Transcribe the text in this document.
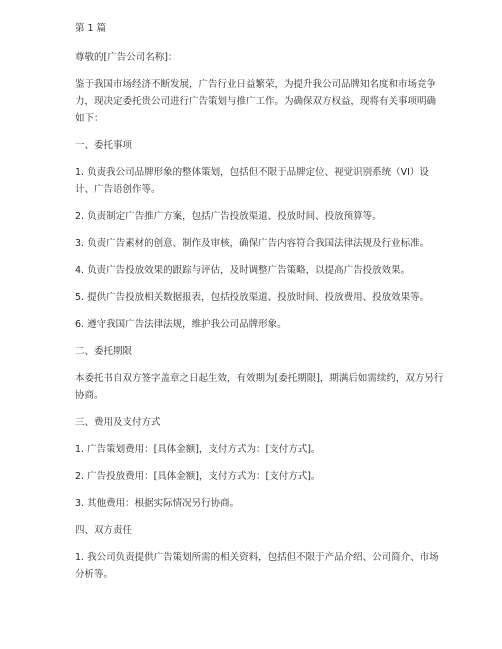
第 1 篇

尊敬的[广告公司名称]：

鉴于我国市场经济不断发展，广告行业日益繁荣，为提升我公司品牌知名度和市场竞争力，现决定委托贵公司进行广告策划与推广工作。为确保双方权益，现将有关事项明确如下：

一、委托事项

1. 负责我公司品牌形象的整体策划，包括但不限于品牌定位、视觉识别系统（VI）设计、广告语创作等。

2. 负责制定广告推广方案，包括广告投放渠道、投放时间、投放预算等。

3. 负责广告素材的创意、制作及审核，确保广告内容符合我国法律法规及行业标准。

4. 负责广告投放效果的跟踪与评估，及时调整广告策略，以提高广告投放效果。

5. 提供广告投放相关数据报表，包括投放渠道、投放时间、投放费用、投放效果等。

6. 遵守我国广告法律法规，维护我公司品牌形象。

二、委托期限

本委托书自双方签字盖章之日起生效，有效期为[委托期限]，期满后如需续约，双方另行协商。

三、费用及支付方式

1. 广告策划费用：[具体金额]，支付方式为：[支付方式]。

2. 广告投放费用：[具体金额]，支付方式为：[支付方式]。

3. 其他费用：根据实际情况另行协商。

四、双方责任

1. 我公司负责提供广告策划所需的相关资料，包括但不限于产品介绍、公司简介、市场分析等。
